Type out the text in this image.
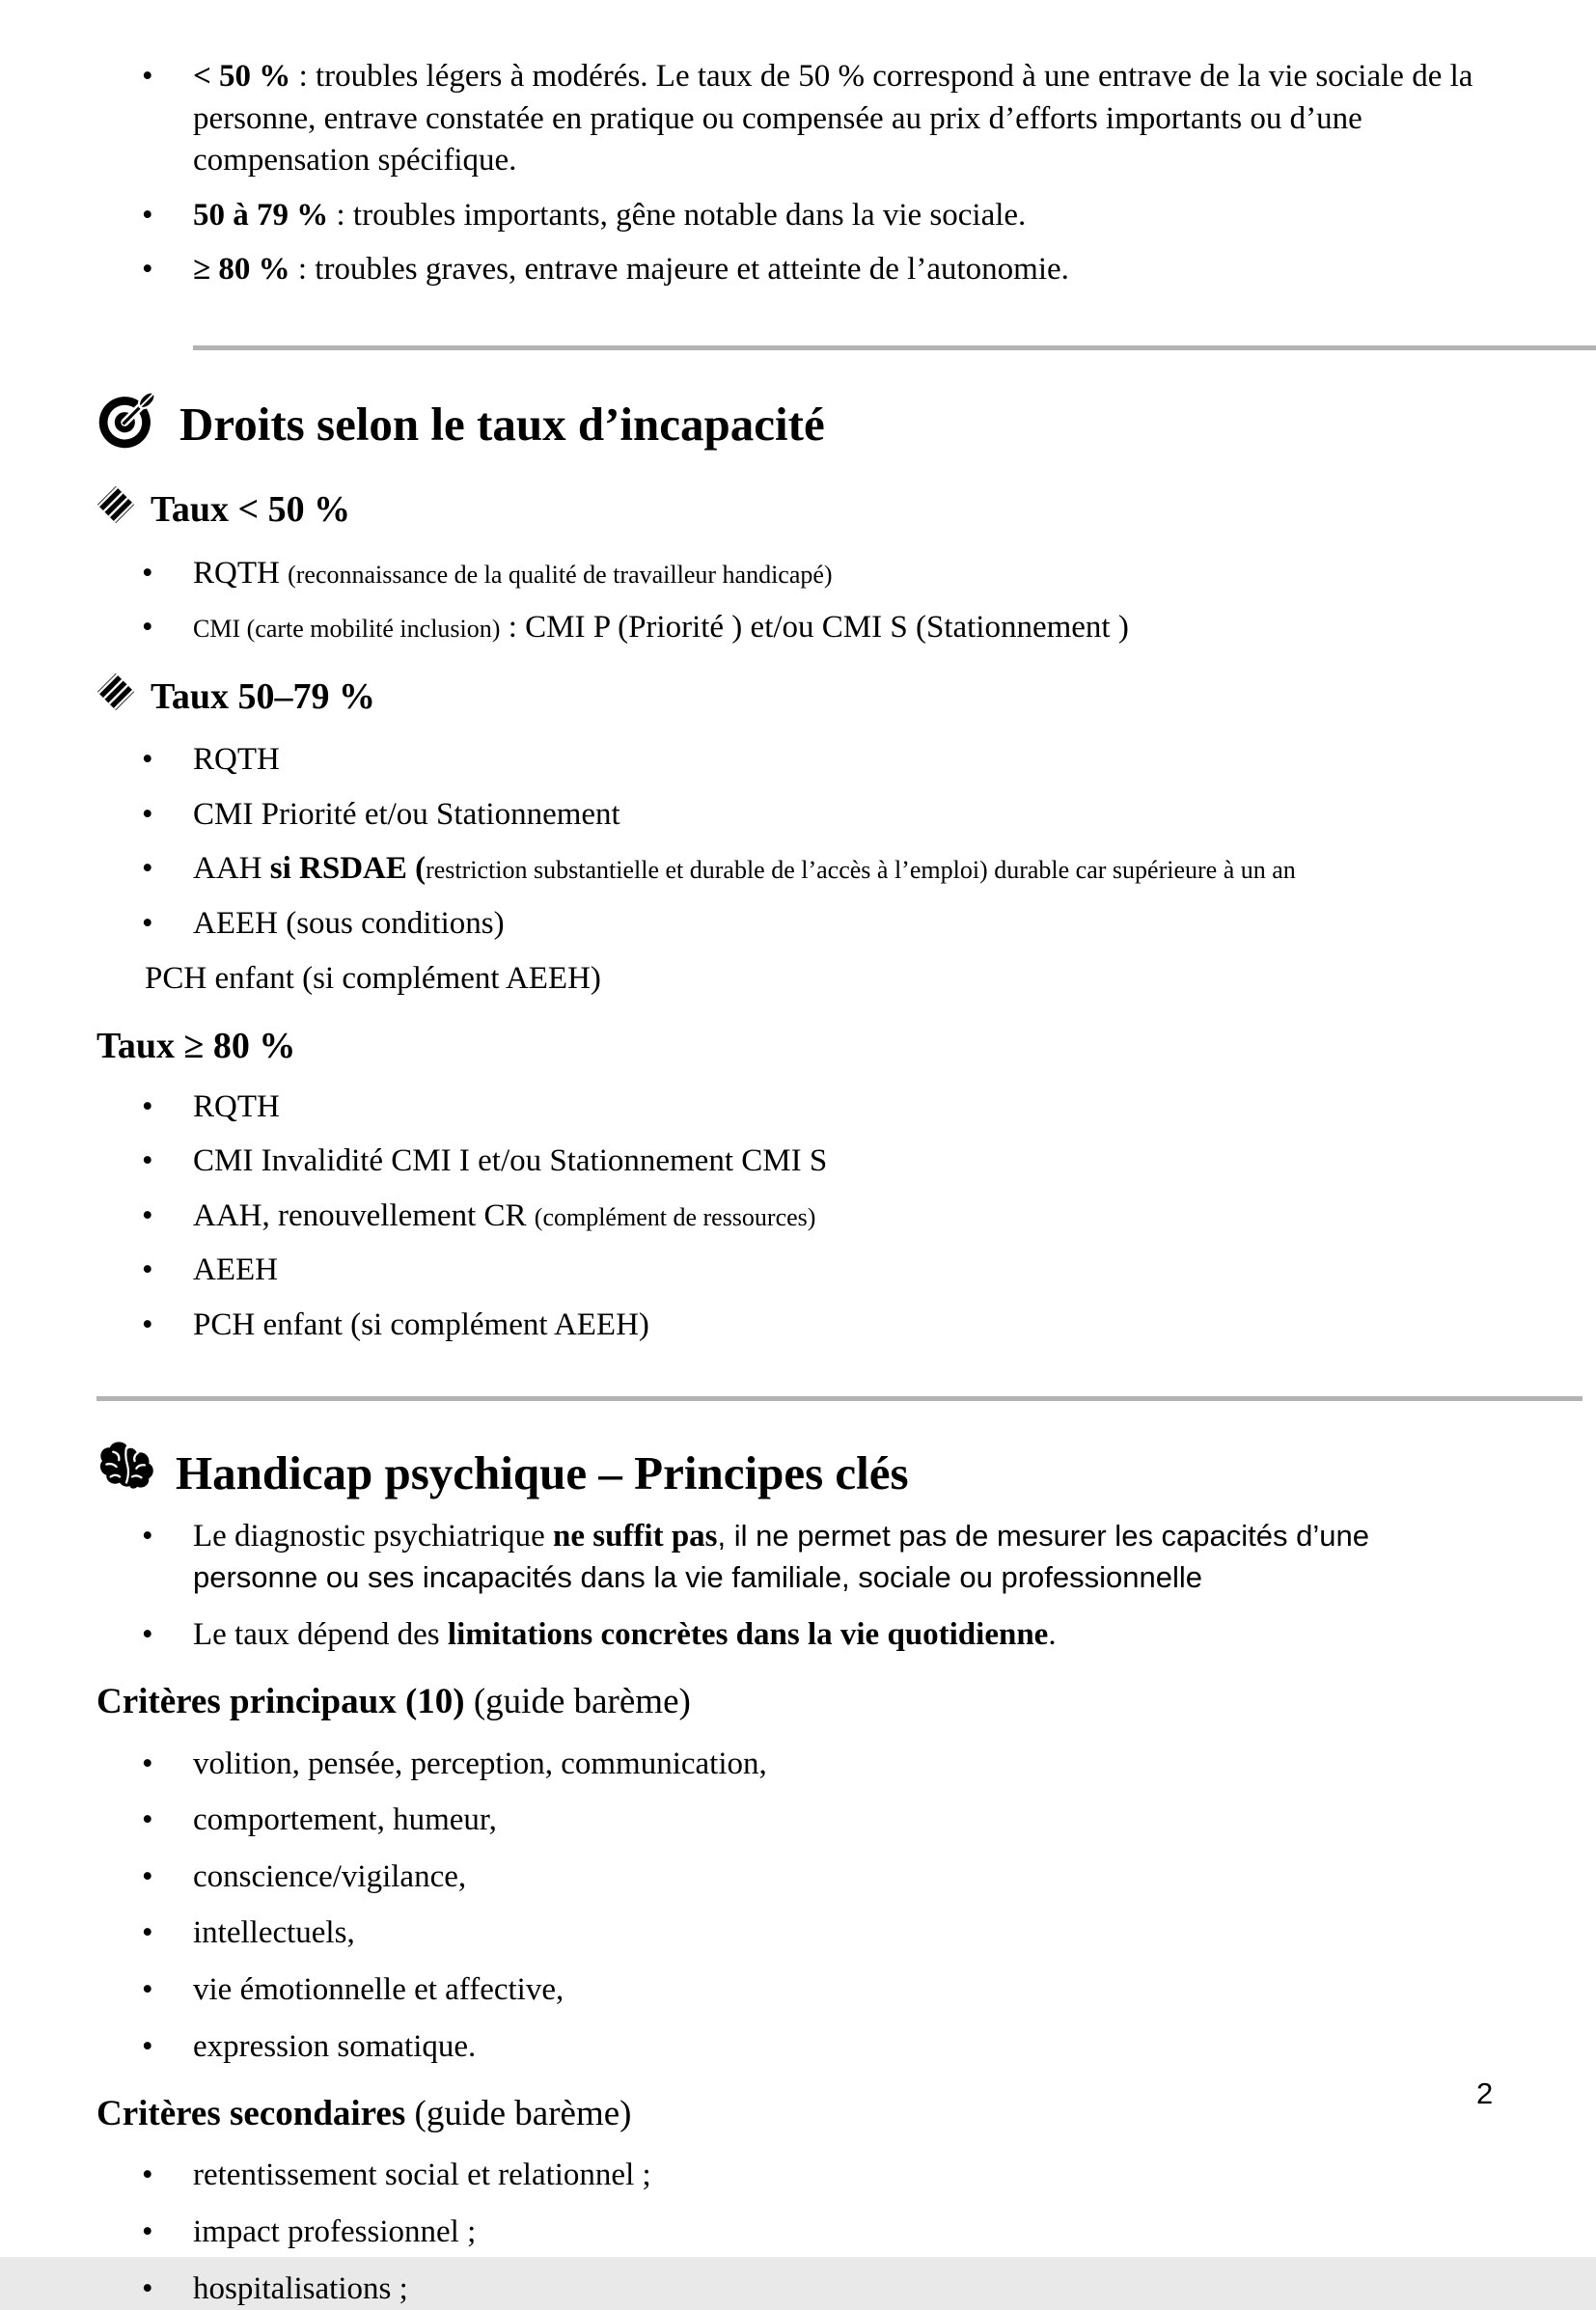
• < 50 % : troubles légers à modérés. Le taux de 50 % correspond à une entrave de la vie sociale de la personne, entrave constatée en pratique ou compensée au prix d’efforts importants ou d’une compensation spécifique.
• 50 à 79 % : troubles importants, gêne notable dans la vie sociale.
• ≥ 80 % : troubles graves, entrave majeure et atteinte de l’autonomie.
Droits selon le taux d’incapacité
Taux < 50 %
• RQTH (reconnaissance de la qualité de travailleur handicapé)
• CMI (carte mobilité inclusion) : CMI P (Priorité ) et/ou CMI S (Stationnement )
Taux 50–79 %
• RQTH
• CMI Priorité et/ou Stationnement
• AAH si RSDAE (restriction substantielle et durable de l’accès à l’emploi) durable car supérieure à un an
• AEEH (sous conditions)
PCH enfant (si complément AEEH)
Taux ≥ 80 %
• RQTH
• CMI Invalidité CMI I et/ou Stationnement CMI S
• AAH, renouvellement CR (complément de ressources)
• AEEH
• PCH enfant (si complément AEEH)
Handicap psychique – Principes clés
• Le diagnostic psychiatrique ne suffit pas, il ne permet pas de mesurer les capacités d’une personne ou ses incapacités dans la vie familiale, sociale ou professionnelle
• Le taux dépend des limitations concrètes dans la vie quotidienne.
Critères principaux (10) (guide barème)
• volition, pensée, perception, communication,
• comportement, humeur,
• conscience/vigilance,
• intellectuels,
• vie émotionnelle et affective,
• expression somatique.
Critères secondaires (guide barème)
• retentissement social et relationnel ;
• impact professionnel ;
• hospitalisations ;
2
